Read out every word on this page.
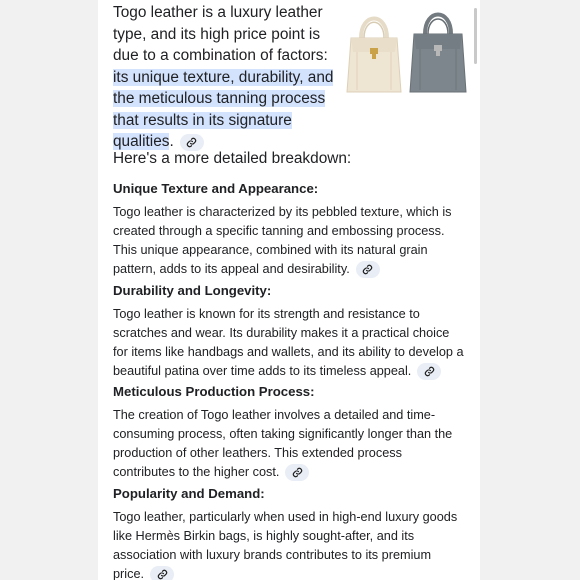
Togo leather is a luxury leather type, and its high price point is due to a combination of factors: its unique texture, durability, and the meticulous tanning process that results in its signature qualities.

Here's a more detailed breakdown:

Unique Texture and Appearance:

Togo leather is characterized by its pebbled texture, which is created through a specific tanning and embossing process. This unique appearance, combined with its natural grain pattern, adds to its appeal and desirability.

Durability and Longevity:

Togo leather is known for its strength and resistance to scratches and wear. Its durability makes it a practical choice for items like handbags and wallets, and its ability to develop a beautiful patina over time adds to its timeless appeal.

Meticulous Production Process:

The creation of Togo leather involves a detailed and time-consuming process, often taking significantly longer than the production of other leathers. This extended process contributes to the higher cost.

Popularity and Demand:

Togo leather, particularly when used in high-end luxury goods like Hermès Birkin bags, is highly sought-after, and its association with luxury brands contributes to its premium price.
